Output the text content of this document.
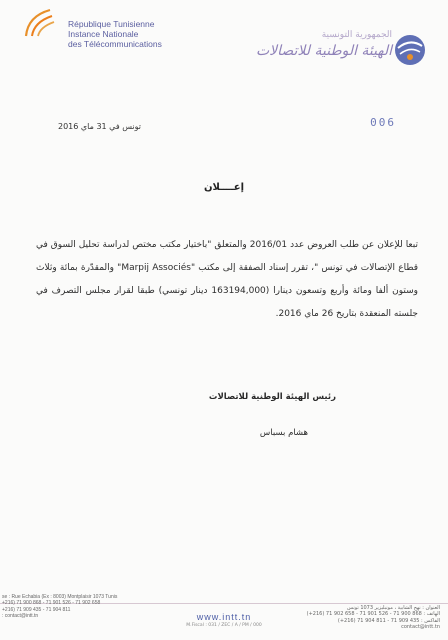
République Tunisienne
Instance Nationale
des Télécommunications
الجمهورية التونسية
الهيئة الوطنية للاتصالات
تونس في 31 ماي 2016	006
إعــــلان

تبعا للإعلان عن طلب العروض عدد 2016/01 والمتعلق "باختيار مكتب مختص لدراسة تحليل السوق في قطاع الإتصالات في تونس "، تقرر إسناد الصفقة إلى مكتب "Marpij Associés" والمقدّرة بمائة وثلاث وستون ألفا ومائة وأربع وتسعون دينارا (163194,000 دينار تونسي) طبقا لقرار مجلس التصرف في جلسته المنعقدة بتاريخ 26 ماي 2016.

رئيس الهيئة الوطنية للاتصالات
هشام بسباس
se : Rue Echabia (Ex : 8003) Montplaisir 1073 Tunis
+216) 71 900 868 - 71 901 526 - 71 902 658
+216) 71 909 435 - 71 904 811
: contact@intt.tn	www.intt.tn
M.Fiscal : 031 / ZEC / A / PM / 000
العنوان : نهج الشابية ، مونبليزير 1073 تونس
الهاتف : 868 900 71 - 526 901 71 - 658 902 71 (216+)
الفاكس : 435 909 71 - 811 904 71 (216+)
contact@intt.tn
